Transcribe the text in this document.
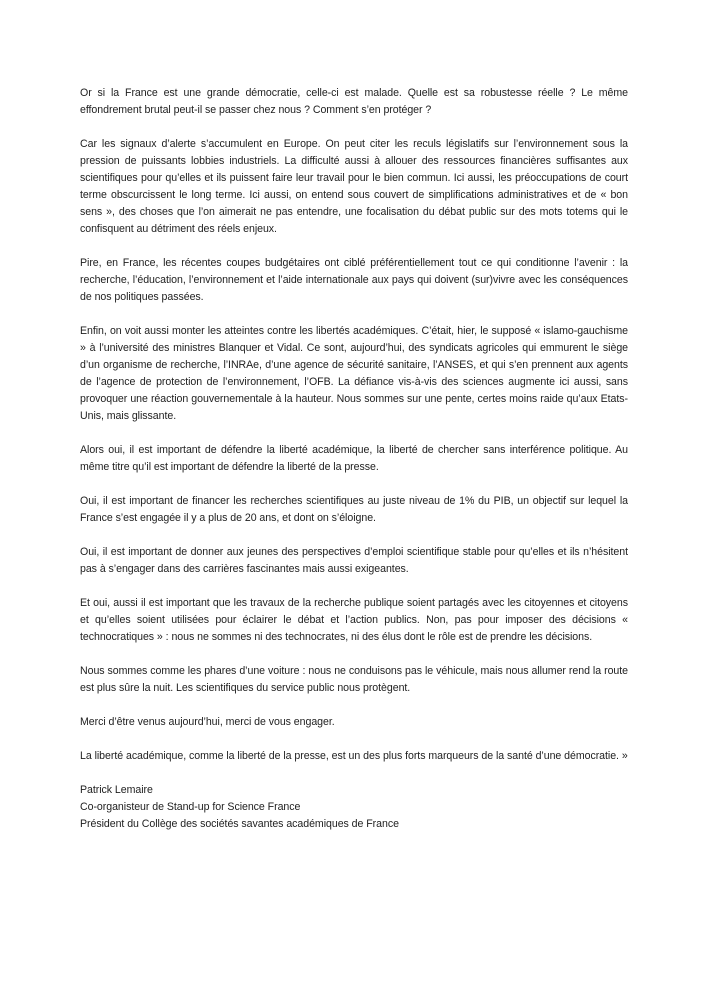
Or si la France est une grande démocratie, celle-ci est malade. Quelle est sa robustesse réelle ? Le même effondrement brutal peut-il se passer chez nous ? Comment s’en protéger ?

Car les signaux d’alerte s’accumulent en Europe. On peut citer les reculs législatifs sur l’environnement sous la pression de puissants lobbies industriels. La difficulté aussi à allouer des ressources financières suffisantes aux scientifiques pour qu’elles et ils puissent faire leur travail pour le bien commun. Ici aussi, les préoccupations de court terme obscurcissent le long terme. Ici aussi, on entend sous couvert de simplifications administratives et de « bon sens », des choses que l’on aimerait ne pas entendre, une focalisation du débat public sur des mots totems qui le confisquent au détriment des réels enjeux.

Pire, en France, les récentes coupes budgétaires ont ciblé préférentiellement tout ce qui conditionne l’avenir : la recherche, l’éducation, l’environnement et l’aide internationale aux pays qui doivent (sur)vivre avec les conséquences de nos politiques passées.

Enfin, on voit aussi monter les atteintes contre les libertés académiques. C’était, hier, le supposé « islamo-gauchisme » à l’université des ministres Blanquer et Vidal. Ce sont, aujourd’hui, des syndicats agricoles qui emmurent le siège d’un organisme de recherche, l’INRAe, d’une agence de sécurité sanitaire, l’ANSES, et qui s’en prennent aux agents de l’agence de protection de l’environnement, l’OFB. La défiance vis-à-vis des sciences augmente ici aussi, sans provoquer une réaction gouvernementale à la hauteur. Nous sommes sur une pente, certes moins raide qu’aux Etats-Unis, mais glissante.

Alors oui, il est important de défendre la liberté académique, la liberté de chercher sans interférence politique. Au même titre qu’il est important de défendre la liberté de la presse.

Oui, il est important de financer les recherches scientifiques au juste niveau de 1% du PIB, un objectif sur lequel la France s’est engagée il y a plus de 20 ans, et dont on s’éloigne.

Oui, il est important de donner aux jeunes des perspectives d’emploi scientifique stable pour qu’elles et ils n’hésitent pas à s’engager dans des carrières fascinantes mais aussi exigeantes.

Et oui, aussi il est important que les travaux de la recherche publique soient partagés avec les citoyennes et citoyens et qu’elles soient utilisées pour éclairer le débat et l’action publics. Non, pas pour imposer des décisions « technocratiques » : nous ne sommes ni des technocrates, ni des élus dont le rôle est de prendre les décisions.

Nous sommes comme les phares d’une voiture : nous ne conduisons pas le véhicule, mais nous allumer rend la route est plus sûre la nuit. Les scientifiques du service public nous protègent.

Merci d’être venus aujourd’hui, merci de vous engager.

La liberté académique, comme la liberté de la presse, est un des plus forts marqueurs de la santé d’une démocratie. »

Patrick Lemaire
Co-organisteur de Stand-up for Science France
Président du Collège des sociétés savantes académiques de France
